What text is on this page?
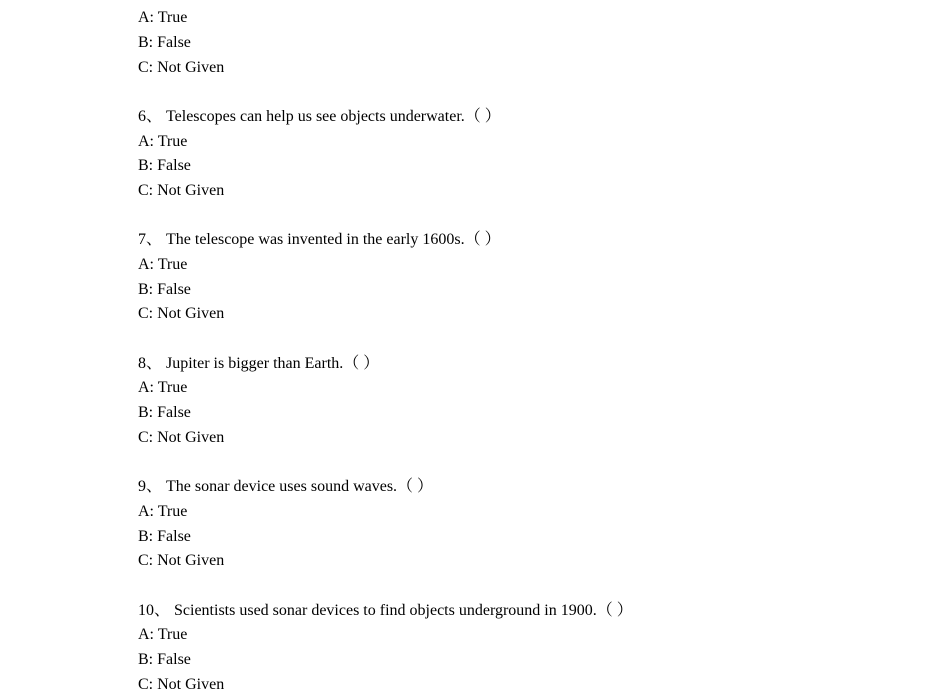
A: True
B: False
C: Not Given
6、 Telescopes can help us see objects underwater.（ ）
A: True
B: False
C: Not Given
7、 The telescope was invented in the early 1600s.（ ）
A: True
B: False
C: Not Given
8、 Jupiter is bigger than Earth.（ ）
A: True
B: False
C: Not Given
9、 The sonar device uses sound waves.（ ）
A: True
B: False
C: Not Given
10、 Scientists used sonar devices to find objects underground in 1900.（ ）
A: True
B: False
C: Not Given
